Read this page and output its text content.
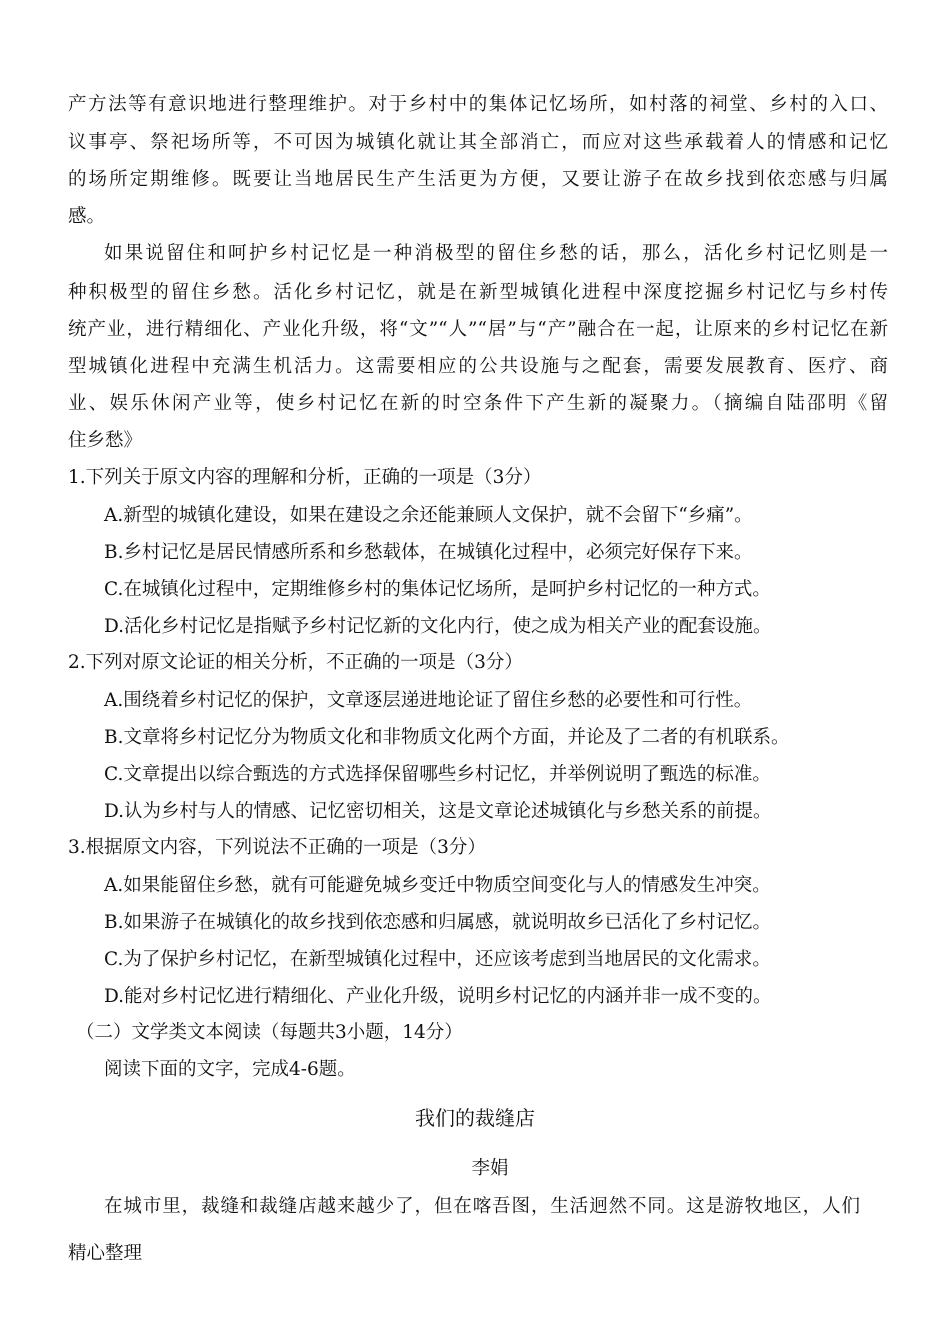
产方法等有意识地进行整理维护。对于乡村中的集体记忆场所，如村落的祠堂、乡村的入口、
议事亭、祭祀场所等，不可因为城镇化就让其全部消亡，而应对这些承载着人的情感和记忆
的场所定期维修。既要让当地居民生产生活更为方便，又要让游子在故乡找到依恋感与归属
感。
如果说留住和呵护乡村记忆是一种消极型的留住乡愁的话，那么，活化乡村记忆则是一
种积极型的留住乡愁。活化乡村记忆，就是在新型城镇化进程中深度挖掘乡村记忆与乡村传
统产业，进行精细化、产业化升级，将“文”“人”“居”与“产”融合在一起，让原来的乡村记忆在新
型城镇化进程中充满生机活力。这需要相应的公共设施与之配套，需要发展教育、医疗、商
业、娱乐休闲产业等，使乡村记忆在新的时空条件下产生新的凝聚力。（摘编自陆邵明《留
住乡愁》
1.下列关于原文内容的理解和分析，正确的一项是（3分）
A.新型的城镇化建设，如果在建设之余还能兼顾人文保护，就不会留下“乡痛”。
B.乡村记忆是居民情感所系和乡愁载体，在城镇化过程中，必须完好保存下来。
C.在城镇化过程中，定期维修乡村的集体记忆场所，是呵护乡村记忆的一种方式。
D.活化乡村记忆是指赋予乡村记忆新的文化内行，使之成为相关产业的配套设施。
2.下列对原文论证的相关分析，不正确的一项是（3分）
A.围绕着乡村记忆的保护，文章逐层递进地论证了留住乡愁的必要性和可行性。
B.文章将乡村记忆分为物质文化和非物质文化两个方面，并论及了二者的有机联系。
C.文章提出以综合甄选的方式选择保留哪些乡村记忆，并举例说明了甄选的标准。
D.认为乡村与人的情感、记忆密切相关，这是文章论述城镇化与乡愁关系的前提。
3.根据原文内容，下列说法不正确的一项是（3分）
A.如果能留住乡愁，就有可能避免城乡变迁中物质空间变化与人的情感发生冲突。
B.如果游子在城镇化的故乡找到依恋感和归属感，就说明故乡已活化了乡村记忆。
C.为了保护乡村记忆，在新型城镇化过程中，还应该考虑到当地居民的文化需求。
D.能对乡村记忆进行精细化、产业化升级，说明乡村记忆的内涵并非一成不变的。
（二）文学类文本阅读（每题共3小题，14分）
阅读下面的文字，完成4-6题。
我们的裁缝店
李娟
在城市里，裁缝和裁缝店越来越少了，但在喀吾图，生活迥然不同。这是游牧地区，人们
精心整理
